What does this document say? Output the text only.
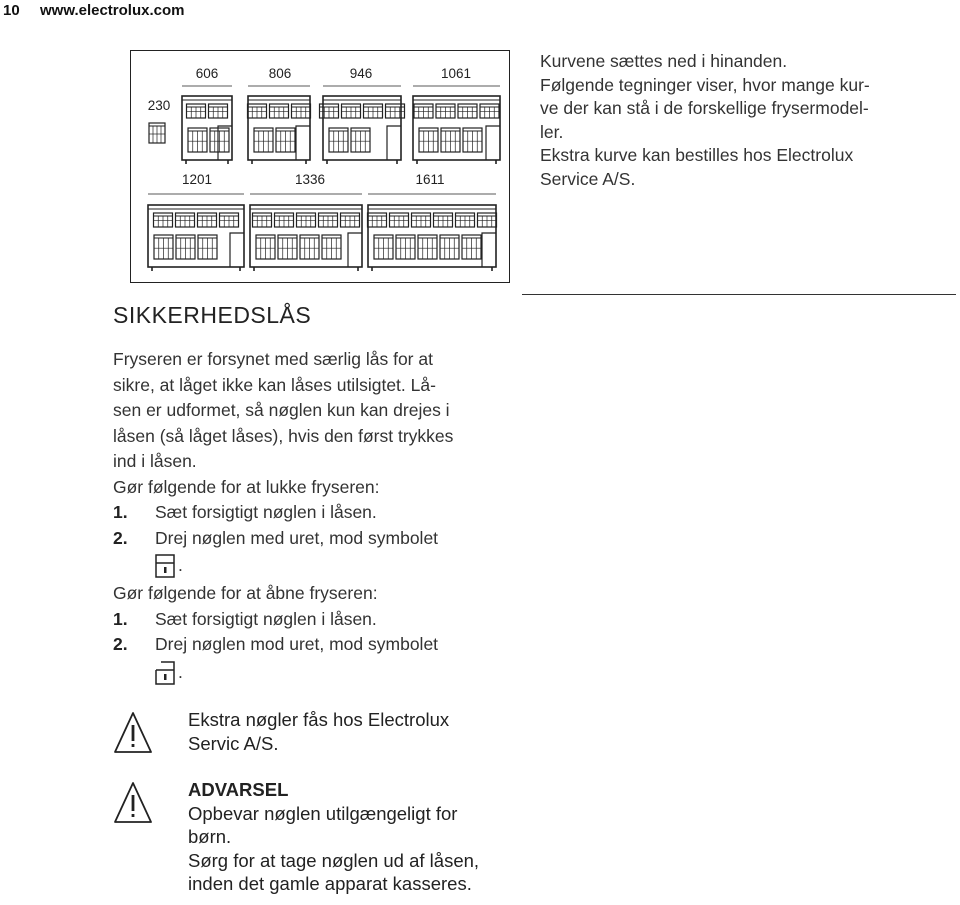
10 www.electrolux.com
230
606	806	946	1061
1201	1336	1611

Kurvene sættes ned i hinanden.

Følgende tegninger viser, hvor mange kur-

ve der kan stå i de forskellige frysermodel-

ler.

Ekstra kurve kan bestilles hos Electrolux

Service A/S.

SIKKERHEDSLÅS

Fryseren er forsynet med særlig lås for at

sikre, at låget ikke kan låses utilsigtet. Lå-

sen er udformet, så nøglen kun kan drejes i

låsen (så låget låses), hvis den først trykkes

ind i låsen.

Gør følgende for at lukke fryseren:

1.	Sæt forsigtigt nøglen i låsen.
2.	Drej nøglen med uret, mod symbolet
.

Gør følgende for at åbne fryseren:

1.	Sæt forsigtigt nøglen i låsen.
2.	Drej nøglen mod uret, mod symbolet
.

Ekstra nøgler fås hos Electrolux

Servic A/S.

ADVARSEL

Opbevar nøglen utilgængeligt for

børn.

Sørg for at tage nøglen ud af låsen,

inden det gamle apparat kasseres.
